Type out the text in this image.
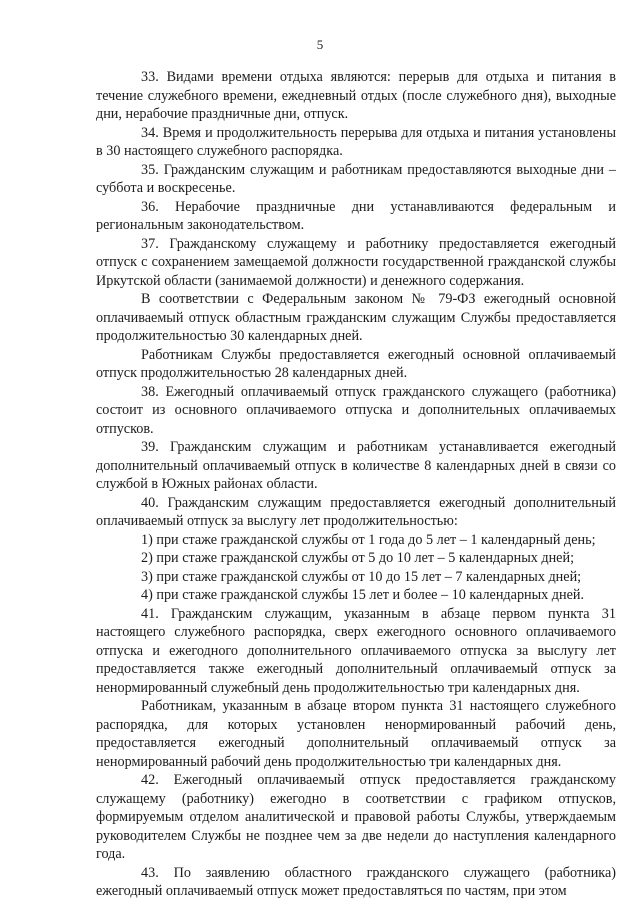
5

33. Видами времени отдыха являются: перерыв для отдыха и питания в течение служебного времени, ежедневный отдых (после служебного дня), выходные дни, нерабочие праздничные дни, отпуск.

34. Время и продолжительность перерыва для отдыха и питания установлены в 30 настоящего служебного распорядка.

35. Гражданским служащим и работникам предоставляются выходные дни – суббота и воскресенье.

36. Нерабочие праздничные дни устанавливаются федеральным и региональным законодательством.

37. Гражданскому служащему и работнику предоставляется ежегодный отпуск с сохранением замещаемой должности государственной гражданской службы Иркутской области (занимаемой должности) и денежного содержания.

В соответствии с Федеральным законом № 79-ФЗ ежегодный основной оплачиваемый отпуск областным гражданским служащим Службы предоставляется продолжительностью 30 календарных дней.

Работникам Службы предоставляется ежегодный основной оплачиваемый отпуск продолжительностью 28 календарных дней.

38. Ежегодный оплачиваемый отпуск гражданского служащего (работника) состоит из основного оплачиваемого отпуска и дополнительных оплачиваемых отпусков.

39. Гражданским служащим и работникам устанавливается ежегодный дополнительный оплачиваемый отпуск в количестве 8 календарных дней в связи со службой в Южных районах области.

40. Гражданским служащим предоставляется ежегодный дополнительный оплачиваемый отпуск за выслугу лет продолжительностью:

1) при стаже гражданской службы от 1 года до 5 лет – 1 календарный день;

2) при стаже гражданской службы от 5 до 10 лет – 5 календарных дней;

3) при стаже гражданской службы от 10 до 15 лет – 7 календарных дней;

4) при стаже гражданской службы 15 лет и более – 10 календарных дней.

41. Гражданским служащим, указанным в абзаце первом пункта 31 настоящего служебного распорядка, сверх ежегодного основного оплачиваемого отпуска и ежегодного дополнительного оплачиваемого отпуска за выслугу лет предоставляется также ежегодный дополнительный оплачиваемый отпуск за ненормированный служебный день продолжительностью три календарных дня.

Работникам, указанным в абзаце втором пункта 31 настоящего служебного распорядка, для которых установлен ненормированный рабочий день, предоставляется ежегодный дополнительный оплачиваемый отпуск за ненормированный рабочий день продолжительностью три календарных дня.

42. Ежегодный оплачиваемый отпуск предоставляется гражданскому служащему (работнику) ежегодно в соответствии с графиком отпусков, формируемым отделом аналитической и правовой работы Службы, утверждаемым руководителем Службы не позднее чем за две недели до наступления календарного года.

43. По заявлению областного гражданского служащего (работника) ежегодный оплачиваемый отпуск может предоставляться по частям, при этом
